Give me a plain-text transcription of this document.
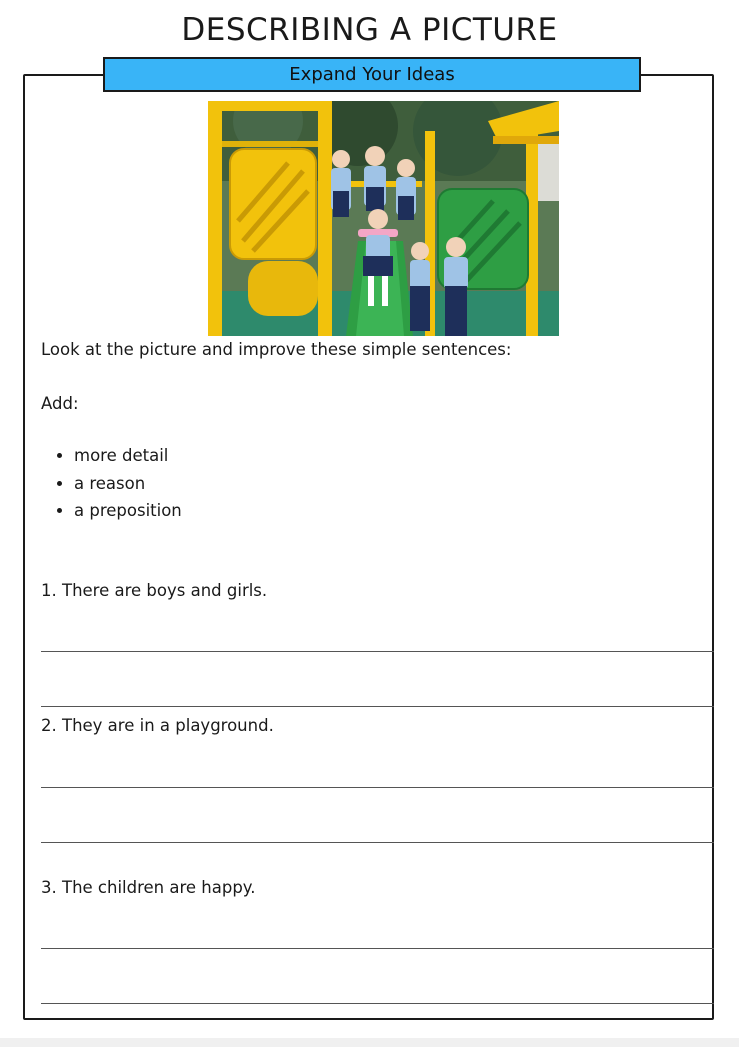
DESCRIBING A PICTURE
Expand Your Ideas
Look at the picture and improve these simple sentences:
Add:
• more detail
• a reason
• a preposition
1. There are boys and girls.
2. They are in a playground.
3. The children are happy.
